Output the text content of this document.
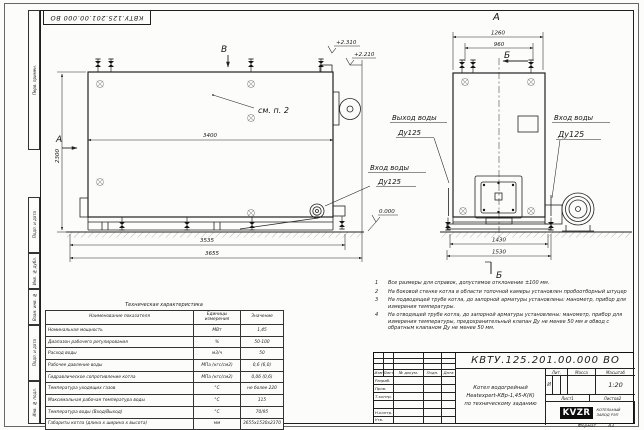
3400
2300
3535
3655
В
А
+2.310
+2.210
0.000
см. п. 2
Вход воды
Ду125
А
1260
960
1430
1530
Б
Б
Выход воды
Ду125
Вход воды
Ду125
КВТУ.125.201.00.000 ВО
Перв. примен.
Подп. и дата
Инв. № дубл.
Взам. инв. №
Подп. и дата
Инв. № подл.
Техническая характеристика
Наименование показателя	Единицы измерения	Значение
Номинальная мощность	МВт	1,45
Диапазон рабочего регулирования	%	50-100
Расход воды	м3/ч	50
Рабочее давление воды	МПа (кгс/см2)	0,6 (6,0)
Гидравлическое сопротивление котла	МПа (кгс/см2)	0,06 (0,6)
Температура уходящих газов	°С	не более 220
Максимальная рабочая температура воды	°С	115
Температура воды (Вход/Выход)	°С	70/95
Габариты котла (длина х ширина х высота)	мм	3655х1530х2370
1	Все размеры для справок, допустимое отклонение ±100 мм.
2	На боковой стенке котла в области топочной камеры установлен пробоотборный штуцер
3	На подводящей трубе котла, до запорной арматуры установлены: манометр, прибор для измерения температуры.
4	На отводящей трубе котла, до запорной арматуры установлены: манометр, прибор для измерения температуры, предохранительный клапан Ду не менее 50 мм и обвод с обратным клапаном Ду не менее 50 мм.
Изм Лист	№ докум.	Подп.	Дата
Разраб.
Пров.
Т.контр.
Н.контр.
Утв.
КВТУ.125.201.00.000 ВО
Котел водогрейный
Heatexpert-КВр-1,45-К(К)
по техническому заданию
Лит.	Масса	Масштаб
И	1:20
Лист 1	Листов 2
KVZR	КОТЕЛЬНЫЙ
ЗАВОД РЭП
Формат	А3
